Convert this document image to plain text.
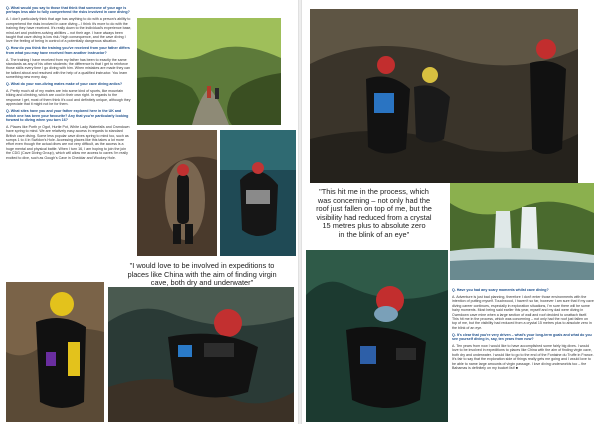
Q. What would you say to those that think that someone of your age is perhaps less able to fully comprehend the risks involved in cave diving?

A. I don't particularly think that age has anything to do with a person's ability to comprehend the risks involved in cave diving – I think it's more to do with the training they have received. It's really down to the individual's experience base, mind-set and problem-solving abilities – not their age. I have always been taught that cave diving is low risk / high consequence, and the cave diving I love the feeling of being in control of a potentially dangerous situation.

Q. How do you think the training you've received from your father differs from what you may have received from another instructor?

A. The training I have received from my father has been to exactly the same standards as any of his other students; the difference is that I get to reinforce those skills every time I go diving with him. When mistakes are made they can be talked about and resolved with the help of a qualified instructor. You learn something new every day.

Q. What do your non-diving mates make of your cave diving antics?

A. Pretty much all of my mates are into some kind of sports, like mountain biking and climbing, which are cool in their own right. In regards to the response I get, most of them think it's cool and definitely unique, although they appreciate that it might not be for them.

Q. What sites have you and your father explored here in the UK and which one has been your favourite? Any that you're particularly looking forward to diving when you turn 16?

A. Places like Porth yr Ogof, Hurtle Pot, White Lady Waterfalls and Cwmdown have spring to mind. We are relatively easy access in regards to standard British cave diving. Some less popular cave dives spring to mind too, such as sumps 1 to 4 in Swildon's Hole. Accessing places like this takes a lot more effort even though the actual dives are not very difficult, as the access is a huge mental and physical battle. When I turn 16, I am hoping to join the join the CDG (Cave Diving Group), which will allow me access to caves I'm really excited to dive, such as Gough's Cave in Cheddar and Wookey Hole.

"I would love to be involved in expeditions to
places like China with the aim of finding virgin
cave, both dry and underwater"
"This hit me in the process, which
was concerning – not only had the
roof just fallen on top of me, but the
visibility had reduced from a crystal
15 metres plus to absolute zero
in the blink of an eye"

Q. Have you had any scary moments whilst cave diving?

A. Adventure is just bad planning, therefore I don't enter those environments with the intention of putting myself. Touchwood, I haven't so far, however I am sure that if my cave diving career continues, especially in exploration situations, I'm sure there will be some hairy moments. Most being said earlier this year, myself and my dad were diving in Cwmdown cave mine when a large section of wall and roof decided to unattach itself. This hit me in the process, which was concerning – not only had the roof just fallen on top of me, but the visibility had reduced from a crystal 15 metres plus to absolute zero in the blink of an eye.

Q. It's clear that you're very driven – what's your long-term goals and what do you see yourself diving in, say, ten years from now?

A. Ten years from now I would like to have accomplished some fairly big dives. I would love to be involved in expeditions to places like China with the aim of finding virgin cave, both dry and underwater. I would like to go to the end of the Fontaine du Truffe in France. It's fair to say that the exploration side of things really gets me going and I would love to be able to name large amounts of virgin passage. I love diving underworlds too – the Bahamas is definitely on my bucket list! ■
